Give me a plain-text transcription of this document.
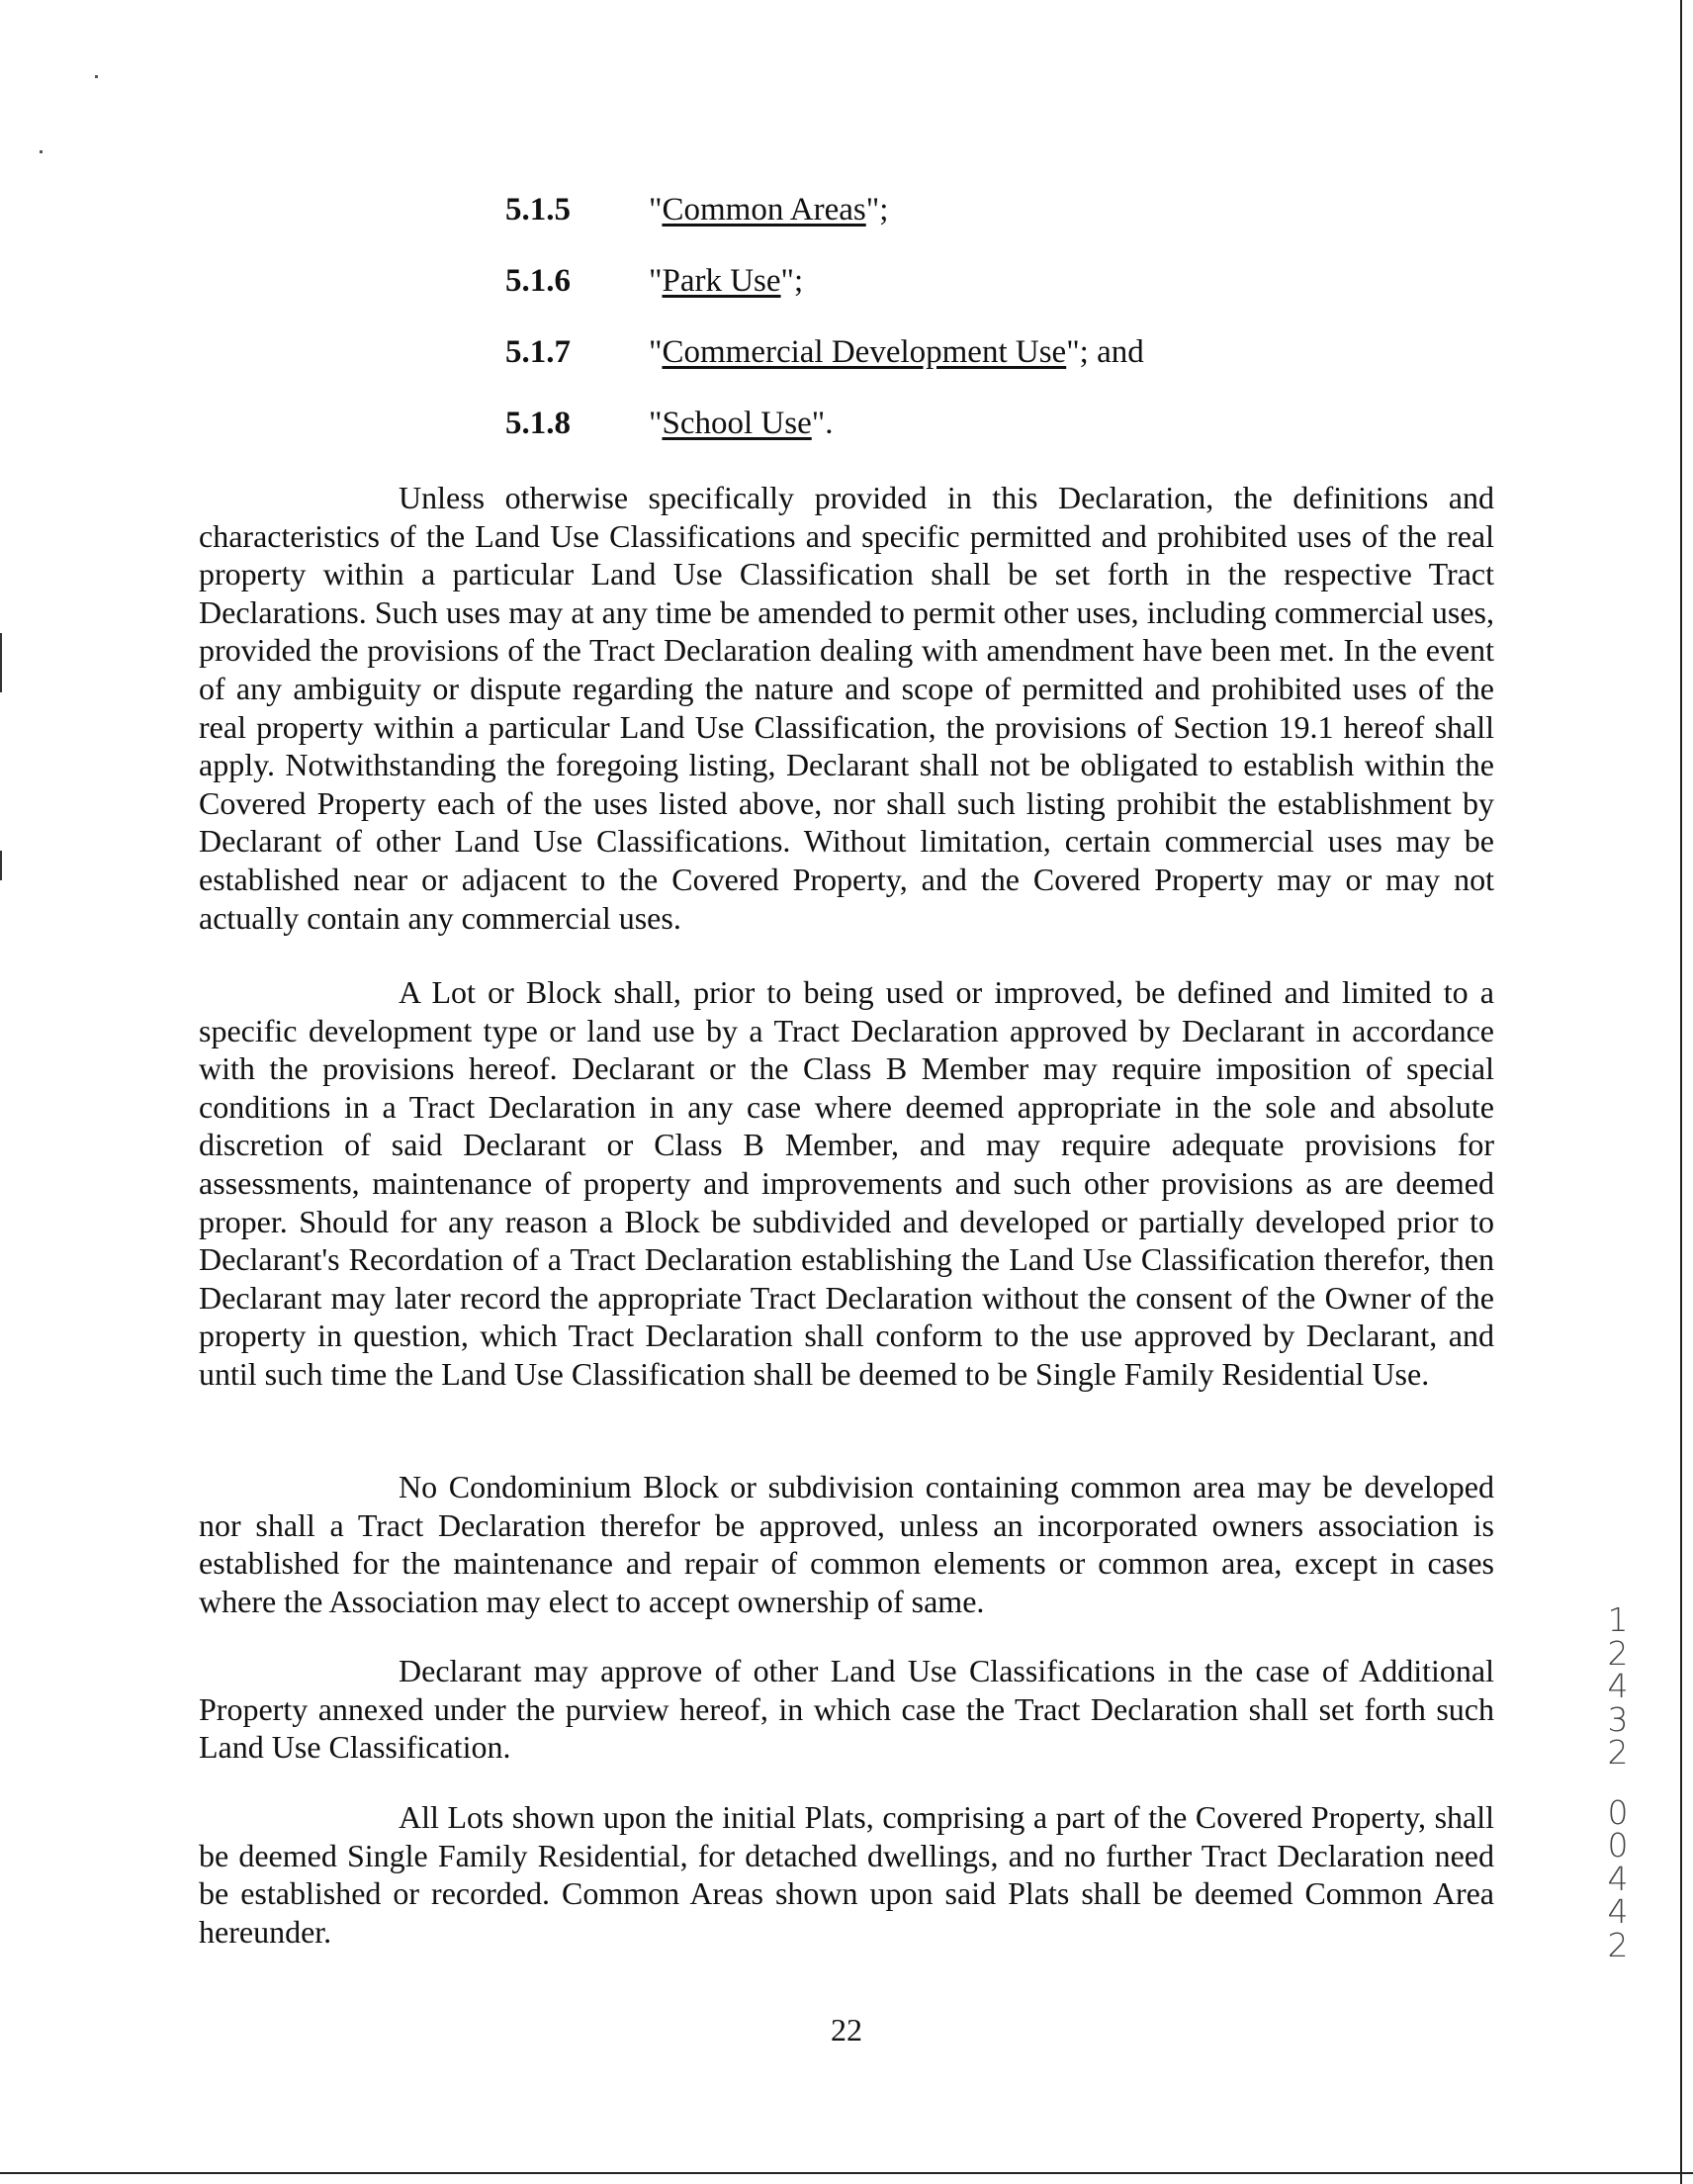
5.1.5	"Common Areas";
5.1.6	"Park Use";
5.1.7	"Commercial Development Use"; and
5.1.8	"School Use".

Unless otherwise specifically provided in this Declaration, the definitions and characteristics of the Land Use Classifications and specific permitted and prohibited uses of the real property within a particular Land Use Classification shall be set forth in the respective Tract Declarations. Such uses may at any time be amended to permit other uses, including commercial uses, provided the provisions of the Tract Declaration dealing with amendment have been met. In the event of any ambiguity or dispute regarding the nature and scope of permitted and prohibited uses of the real property within a particular Land Use Classification, the provisions of Section 19.1 hereof shall apply. Notwithstanding the foregoing listing, Declarant shall not be obligated to establish within the Covered Property each of the uses listed above, nor shall such listing prohibit the establishment by Declarant of other Land Use Classifications. Without limitation, certain commercial uses may be established near or adjacent to the Covered Property, and the Covered Property may or may not actually contain any commercial uses.

A Lot or Block shall, prior to being used or improved, be defined and limited to a specific development type or land use by a Tract Declaration approved by Declarant in accordance with the provisions hereof. Declarant or the Class B Member may require imposition of special conditions in a Tract Declaration in any case where deemed appropriate in the sole and absolute discretion of said Declarant or Class B Member, and may require adequate provisions for assessments, maintenance of property and improvements and such other provisions as are deemed proper. Should for any reason a Block be subdivided and developed or partially developed prior to Declarant's Recordation of a Tract Declaration establishing the Land Use Classification therefor, then Declarant may later record the appropriate Tract Declaration without the consent of the Owner of the property in question, which Tract Declaration shall conform to the use approved by Declarant, and until such time the Land Use Classification shall be deemed to be Single Family Residential Use.

No Condominium Block or subdivision containing common area may be developed nor shall a Tract Declaration therefor be approved, unless an incorporated owners association is established for the maintenance and repair of common elements or common area, except in cases where the Association may elect to accept ownership of same.

Declarant may approve of other Land Use Classifications in the case of Additional Property annexed under the purview hereof, in which case the Tract Declaration shall set forth such Land Use Classification.

All Lots shown upon the initial Plats, comprising a part of the Covered Property, shall be deemed Single Family Residential, for detached dwellings, and no further Tract Declaration need be established or recorded. Common Areas shown upon said Plats shall be deemed Common Area hereunder.

22
1
2
4
3
2
0
0
4
4
2
